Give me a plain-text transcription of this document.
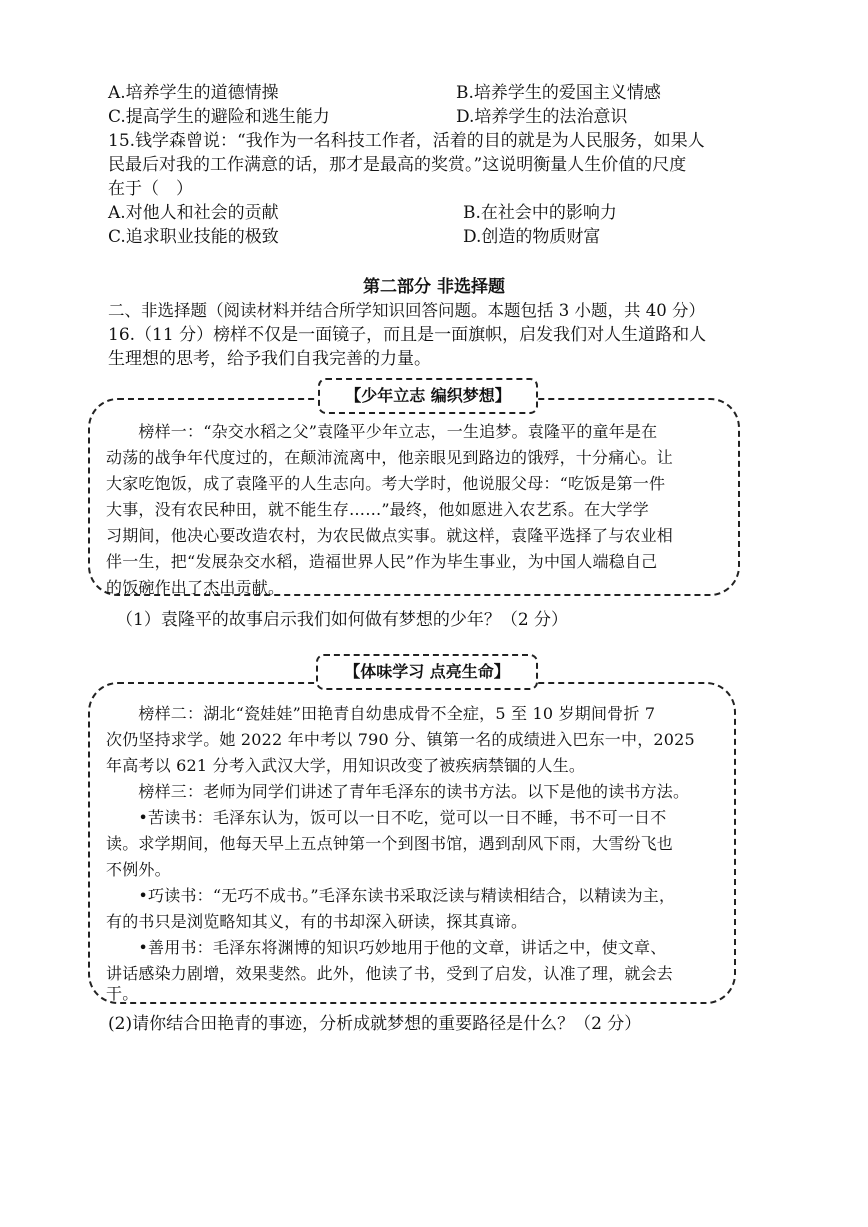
A.培养学生的道德情操	B.培养学生的爱国主义情感
C.提高学生的避险和逃生能力	D.培养学生的法治意识
15.钱学森曾说：“我作为一名科技工作者，活着的目的就是为人民服务，如果人
民最后对我的工作满意的话，那才是最高的奖赏。”这说明衡量人生价值的尺度
在于（　）
A.对他人和社会的贡献	B.在社会中的影响力
C.追求职业技能的极致	D.创造的物质财富
第二部分 非选择题
二、非选择题（阅读材料并结合所学知识回答问题。本题包括 3 小题，共 40 分）
16.（11 分）榜样不仅是一面镜子，而且是一面旗帜，启发我们对人生道路和人
生理想的思考，给予我们自我完善的力量。
【少年立志 编织梦想】
　　榜样一：“杂交水稻之父”袁隆平少年立志，一生追梦。袁隆平的童年是在
动荡的战争年代度过的，在颠沛流离中，他亲眼见到路边的饿殍，十分痛心。让
大家吃饱饭，成了袁隆平的人生志向。考大学时，他说服父母：“吃饭是第一件
大事，没有农民种田，就不能生存……”最终，他如愿进入农艺系。在大学学
习期间，他决心要改造农村，为农民做点实事。就这样，袁隆平选择了与农业相
伴一生，把“发展杂交水稻，造福世界人民”作为毕生事业，为中国人端稳自己
的饭碗作出了杰出贡献。
（1）袁隆平的故事启示我们如何做有梦想的少年？（2 分）
【体味学习 点亮生命】
　　榜样二：湖北“瓷娃娃”田艳青自幼患成骨不全症，5 至 10 岁期间骨折 7
次仍坚持求学。她 2022 年中考以 790 分、镇第一名的成绩进入巴东一中，2025
年高考以 621 分考入武汉大学，用知识改变了被疾病禁锢的人生。
　　榜样三：老师为同学们讲述了青年毛泽东的读书方法。以下是他的读书方法。
　　•苦读书：毛泽东认为，饭可以一日不吃，觉可以一日不睡，书不可一日不
读。求学期间，他每天早上五点钟第一个到图书馆，遇到刮风下雨，大雪纷飞也
不例外。
　　•巧读书：“无巧不成书。”毛泽东读书采取泛读与精读相结合，以精读为主，
有的书只是浏览略知其义，有的书却深入研读，探其真谛。
　　•善用书：毛泽东将渊博的知识巧妙地用于他的文章，讲话之中，使文章、
讲话感染力剧增，效果斐然。此外，他读了书，受到了启发，认准了理，就会去
干。
(2)请你结合田艳青的事迹，分析成就梦想的重要路径是什么？（2 分）
